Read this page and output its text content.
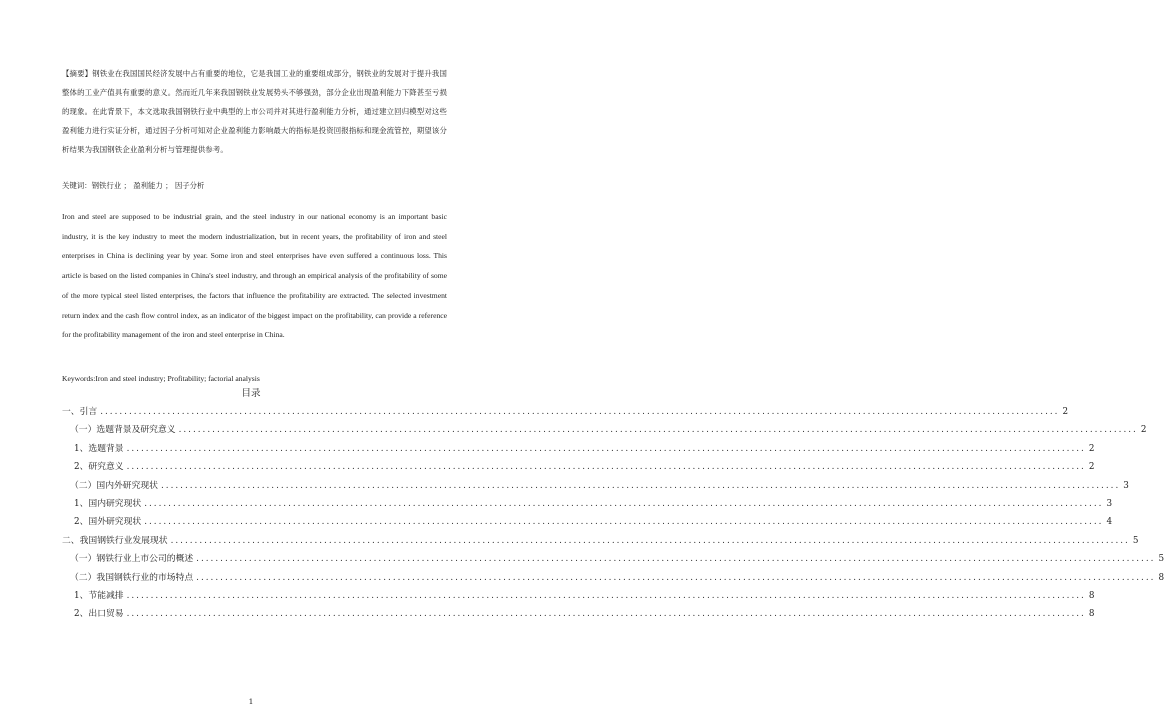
【摘要】钢铁业在我国国民经济发展中占有重要的地位，它是我国工业的重要组成部分，钢铁业的发展对于提升我国整体的工业产值具有重要的意义。然而近几年来我国钢铁业发展势头不够强劲，部分企业出现盈利能力下降甚至亏损的现象。在此背景下，本文选取我国钢铁行业中典型的上市公司并对其进行盈利能力分析，通过建立回归模型对这些盈利能力进行实证分析，通过因子分析可知对企业盈利能力影响最大的指标是投资回报指标和现金流管控，期望该分析结果为我国钢铁企业盈利分析与管理提供参考。
关键词：钢铁行业 ； 盈利能力 ； 因子分析
Iron and steel are supposed to be industrial grain, and the steel industry in our national economy is an important basic industry, it is the key industry to meet the modern industrialization, but in recent years, the profitability of iron and steel enterprises in China is declining year by year. Some iron and steel enterprises have even suffered a continuous loss. This article is based on the listed companies in China's steel industry, and through an empirical analysis of the profitability of some of the more typical steel listed enterprises, the factors that influence the profitability are extracted. The selected investment return index and the cash flow control index, as an indicator of the biggest impact on the profitability, can provide a reference for the profitability management of the iron and steel enterprise in China.
Keywords:Iron and steel industry; Profitability; factorial analysis
目录
一、引言 ........................................................................................................................................................................................................ 2
（一）选题背景及研究意义 ........................................................................................................................................................................................................ 2
1、选题背景 ........................................................................................................................................................................................................ 2
2、研究意义 ........................................................................................................................................................................................................ 2
（二）国内外研究现状 ........................................................................................................................................................................................................ 3
1、国内研究现状 ........................................................................................................................................................................................................ 3
2、国外研究现状 ........................................................................................................................................................................................................ 4
二、我国钢铁行业发展现状 ........................................................................................................................................................................................................ 5
（一）钢铁行业上市公司的概述 ........................................................................................................................................................................................................ 5
（二）我国钢铁行业的市场特点 ........................................................................................................................................................................................................ 8
1、节能减排 ........................................................................................................................................................................................................ 8
2、出口贸易 ........................................................................................................................................................................................................ 8
1
